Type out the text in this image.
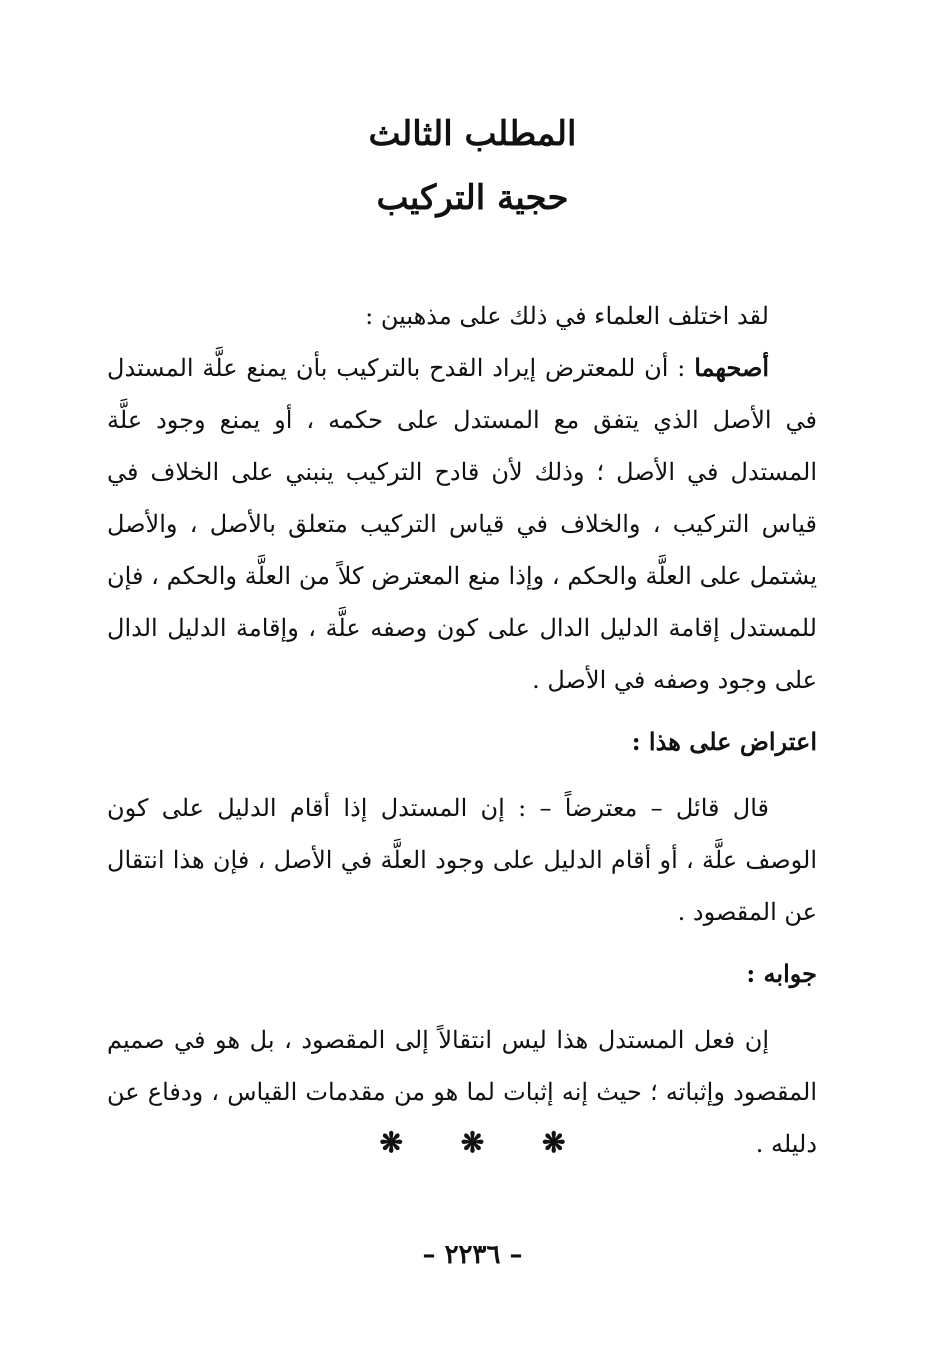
المطلب الثالث
حجية التركيب

لقد اختلف العلماء في ذلك على مذهبين :

أصحهما : أن للمعترض إيراد القدح بالتركيب بأن يمنع علَّة المستدل في الأصل الذي يتفق مع المستدل على حكمه ، أو يمنع وجود علَّة المستدل في الأصل ؛ وذلك لأن قادح التركيب ينبني على الخلاف في قياس التركيب ، والخلاف في قياس التركيب متعلق بالأصل ، والأصل يشتمل على العلَّة والحكم ، وإذا منع المعترض كلاً من العلَّة والحكم ، فإن للمستدل إقامة الدليل الدال على كون وصفه علَّة ، وإقامة الدليل الدال على وجود وصفه في الأصل .

اعتراض على هذا :

قال قائل – معترضاً – : إن المستدل إذا أقام الدليل على كون الوصف علَّة ، أو أقام الدليل على وجود العلَّة في الأصل ، فإن هذا انتقال عن المقصود .

جوابه :

إن فعل المستدل هذا ليس انتقالاً إلى المقصود ، بل هو في صميم المقصود وإثباته ؛ حيث إنه إثبات لما هو من مقدمات القياس ، ودفاع عن دليله .

❋ ❋ ❋
– ٢٢٣٦ –
